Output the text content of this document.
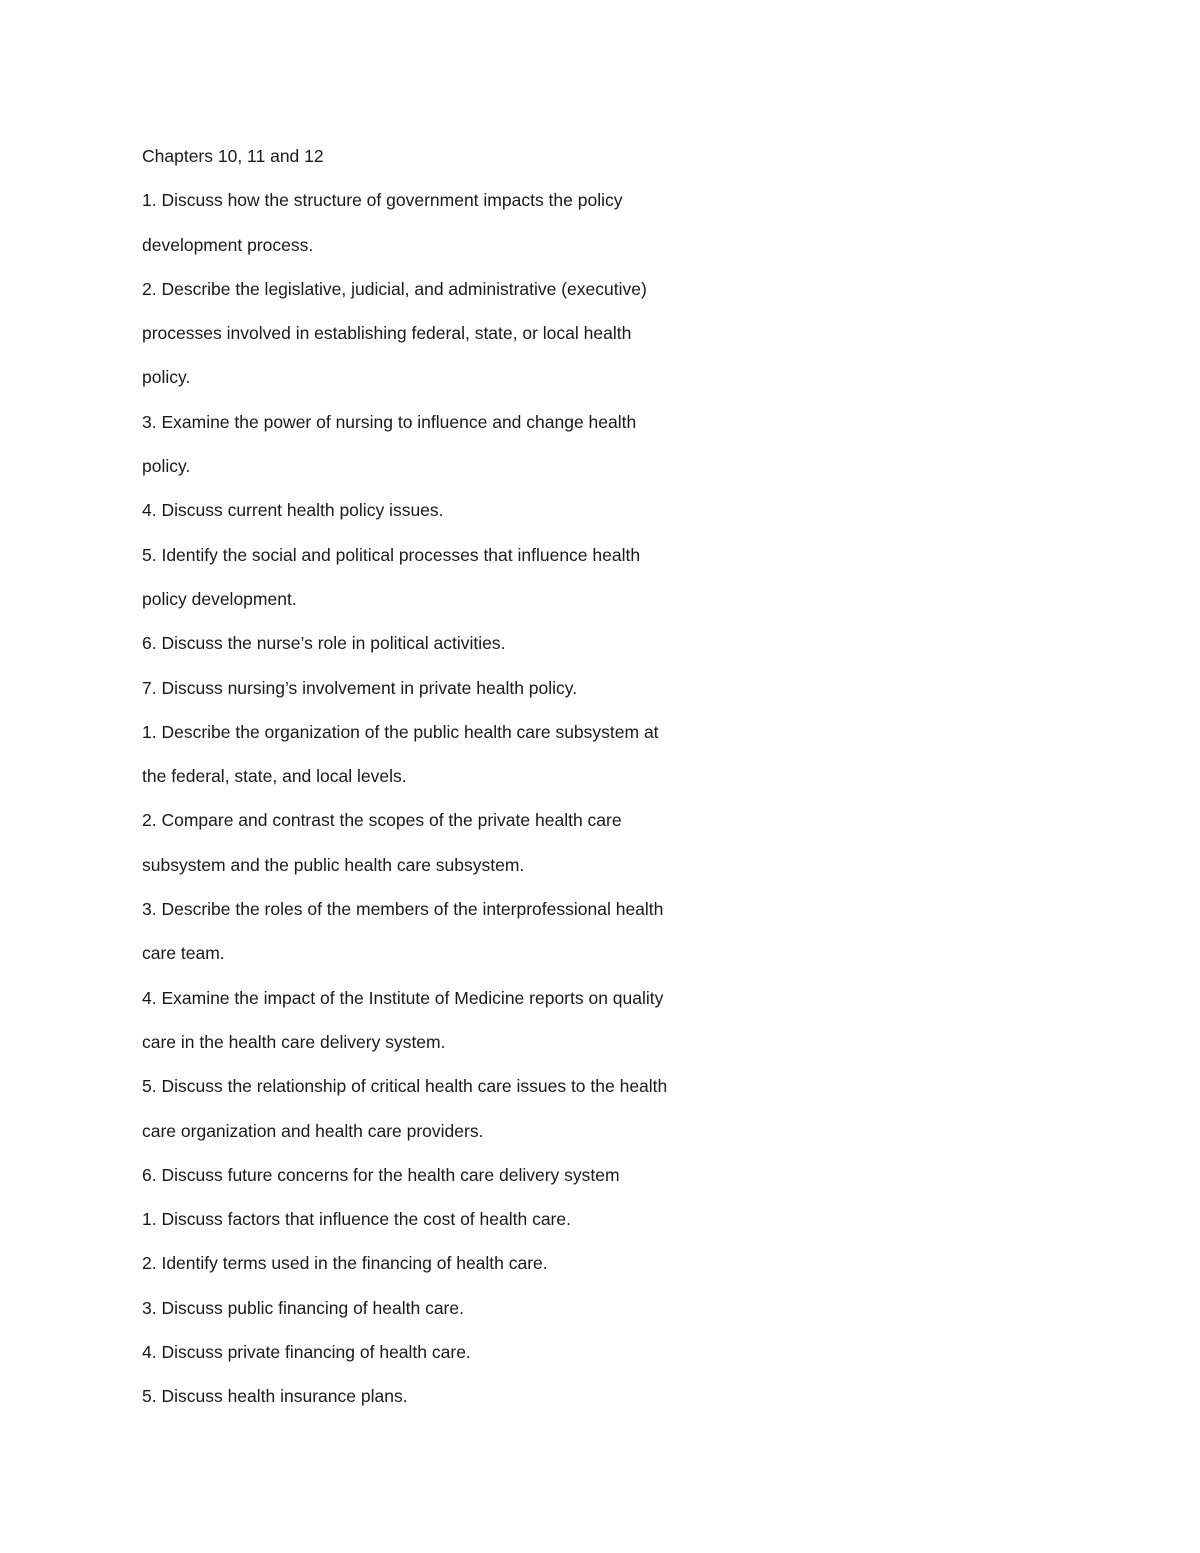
Chapters 10, 11 and 12
1. Discuss how the structure of government impacts the policy
development process.
2. Describe the legislative, judicial, and administrative (executive)
processes involved in establishing federal, state, or local health
policy.
3. Examine the power of nursing to influence and change health
policy.
4. Discuss current health policy issues.
5. Identify the social and political processes that influence health
policy development.
6. Discuss the nurse’s role in political activities.
7. Discuss nursing’s involvement in private health policy.
1. Describe the organization of the public health care subsystem at
the federal, state, and local levels.
2. Compare and contrast the scopes of the private health care
subsystem and the public health care subsystem.
3. Describe the roles of the members of the interprofessional health
care team.
4. Examine the impact of the Institute of Medicine reports on quality
care in the health care delivery system.
5. Discuss the relationship of critical health care issues to the health
care organization and health care providers.
6. Discuss future concerns for the health care delivery system
1. Discuss factors that influence the cost of health care.
2. Identify terms used in the financing of health care.
3. Discuss public financing of health care.
4. Discuss private financing of health care.
5. Discuss health insurance plans.
